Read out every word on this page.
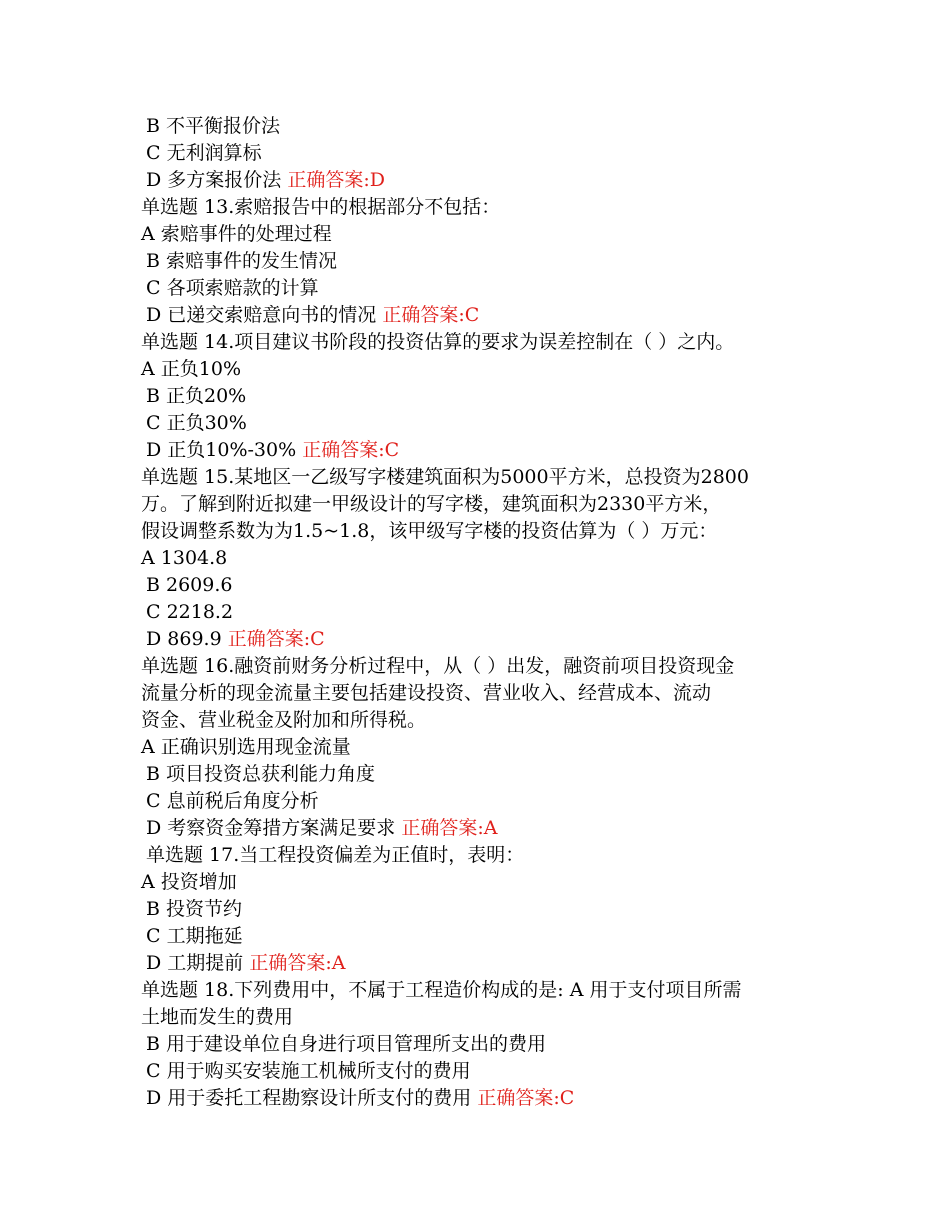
B 不平衡报价法
C 无利润算标
D 多方案报价法 正确答案:D
单选题 13.索赔报告中的根据部分不包括：
A 索赔事件的处理过程
B 索赔事件的发生情况
C 各项索赔款的计算
D 已递交索赔意向书的情况 正确答案:C
单选题 14.项目建议书阶段的投资估算的要求为误差控制在（ ）之内。
A 正负10%
B 正负20%
C 正负30%
D 正负10%-30% 正确答案:C
单选题 15.某地区一乙级写字楼建筑面积为5000平方米，总投资为2800
万。了解到附近拟建一甲级设计的写字楼，建筑面积为2330平方米，
假设调整系数为为1.5~1.8，该甲级写字楼的投资估算为（ ）万元：
A 1304.8
B 2609.6
C 2218.2
D 869.9 正确答案:C
单选题 16.融资前财务分析过程中，从（ ）出发，融资前项目投资现金
流量分析的现金流量主要包括建设投资、营业收入、经营成本、流动
资金、营业税金及附加和所得税。
A 正确识别选用现金流量
B 项目投资总获利能力角度
C 息前税后角度分析
D 考察资金筹措方案满足要求 正确答案:A
单选题 17.当工程投资偏差为正值时，表明：
A 投资增加
B 投资节约
C 工期拖延
D 工期提前 正确答案:A
单选题 18.下列费用中，不属于工程造价构成的是: A 用于支付项目所需
土地而发生的费用
B 用于建设单位自身进行项目管理所支出的费用
C 用于购买安装施工机械所支付的费用
D 用于委托工程勘察设计所支付的费用 正确答案:C
